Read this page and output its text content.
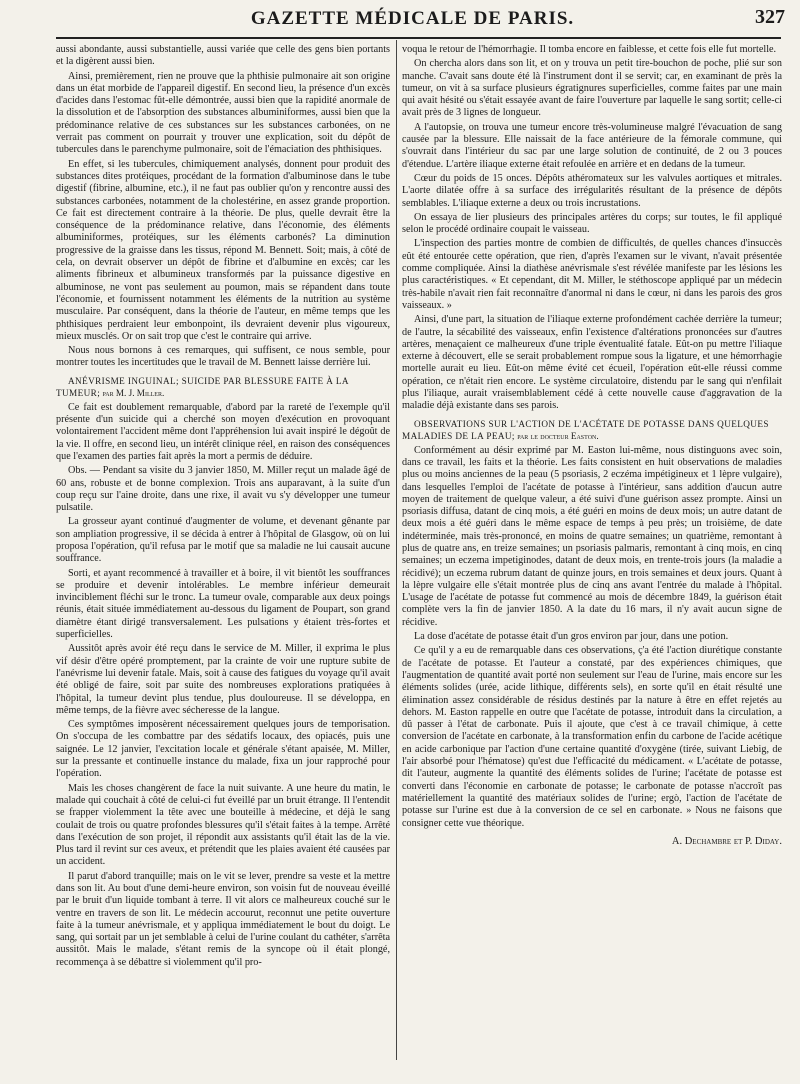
GAZETTE MÉDICALE DE PARIS.	327

aussi abondante, aussi substantielle, aussi variée que celle des gens bien portants et la digèrent aussi bien.

Ainsi, premièrement, rien ne prouve que la phthisie pulmonaire ait son origine dans un état morbide de l'appareil digestif. En second lieu, la présence d'un excès d'acides dans l'estomac fût-elle démontrée, aussi bien que la rapidité anormale de la dissolution et de l'absorption des substances albuminiformes, aussi bien que la prédominance relative de ces substances sur les substances carbonées, on ne verrait pas comment on pourrait y trouver une explication, soit du dépôt de tubercules dans le parenchyme pulmonaire, soit de l'émaciation des phthisiques.

En effet, si les tubercules, chimiquement analysés, donnent pour produit des substances dites protéiques, procédant de la formation d'albuminose dans le tube digestif (fibrine, albumine, etc.), il ne faut pas oublier qu'on y rencontre aussi des substances carbonées, notamment de la cholestérine, en assez grande proportion. Ce fait est directement contraire à la théorie. De plus, quelle devrait être la conséquence de la prédominance relative, dans l'économie, des éléments albuminiformes, protéiques, sur les éléments carbonés? La diminution progressive de la graisse dans les tissus, répond M. Bennett. Soit; mais, à côté de cela, on devrait observer un dépôt de fibrine et d'albumine en excès; car les aliments fibrineux et albumineux transformés par la puissance digestive en albuminose, ne vont pas seulement au poumon, mais se répandent dans toute l'économie, et fournissent notamment les éléments de la nutrition au système musculaire. Par conséquent, dans la théorie de l'auteur, en même temps que les phthisiques perdraient leur embonpoint, ils devraient devenir plus vigoureux, mieux musclés. Or on sait trop que c'est le contraire qui arrive.

Nous nous bornons à ces remarques, qui suffisent, ce nous semble, pour montrer toutes les incertitudes que le travail de M. Bennett laisse derrière lui.

ANÉVRISME INGUINAL; SUICIDE PAR BLESSURE FAITE À LA TUMEUR; par M. J. Miller.

Ce fait est doublement remarquable, d'abord par la rareté de l'exemple qu'il présente d'un suicide qui a cherché son moyen d'exécution en provoquant volontairement l'accident même dont l'appréhension lui avait inspiré le dégoût de la vie. Il offre, en second lieu, un intérêt clinique réel, en raison des conséquences que l'examen des parties fait après la mort a permis de déduire.

Obs. — Pendant sa visite du 3 janvier 1850, M. Miller reçut un malade âgé de 60 ans, robuste et de bonne complexion. Trois ans auparavant, à la suite d'un coup reçu sur l'aine droite, dans une rixe, il avait vu s'y développer une tumeur pulsatile.

La grosseur ayant continué d'augmenter de volume, et devenant gênante par son ampliation progressive, il se décida à entrer à l'hôpital de Glasgow, où on lui proposa l'opération, qu'il refusa par le motif que sa maladie ne lui causait aucune souffrance.

Sorti, et ayant recommencé à travailler et à boire, il vit bientôt les souffrances se produire et devenir intolérables. Le membre inférieur demeurait invinciblement fléchi sur le tronc. La tumeur ovale, comparable aux deux poings réunis, était située immédiatement au-dessous du ligament de Poupart, son grand diamètre étant dirigé transversalement. Les pulsations y étaient très-fortes et superficielles.

Aussitôt après avoir été reçu dans le service de M. Miller, il exprima le plus vif désir d'être opéré promptement, par la crainte de voir une rupture subite de l'anévrisme lui devenir fatale. Mais, soit à cause des fatigues du voyage qu'il avait été obligé de faire, soit par suite des nombreuses explorations pratiquées à l'hôpital, la tumeur devint plus tendue, plus douloureuse. Il se développa, en même temps, de la fièvre avec sécheresse de la langue.

Ces symptômes imposèrent nécessairement quelques jours de temporisation. On s'occupa de les combattre par des sédatifs locaux, des opiacés, puis une saignée. Le 12 janvier, l'excitation locale et générale s'étant apaisée, M. Miller, sur la pressante et continuelle instance du malade, fixa un jour rapproché pour l'opération.

Mais les choses changèrent de face la nuit suivante. A une heure du matin, le malade qui couchait à côté de celui-ci fut éveillé par un bruit étrange. Il l'entendit se frapper violemment la tête avec une bouteille à médecine, et déjà le sang coulait de trois ou quatre profondes blessures qu'il s'était faites à la tempe. Arrêté dans l'exécution de son projet, il répondit aux assistants qu'il était las de la vie. Plus tard il revint sur ces aveux, et prétendit que les plaies avaient été causées par un accident.

Il parut d'abord tranquille; mais on le vit se lever, prendre sa veste et la mettre dans son lit. Au bout d'une demi-heure environ, son voisin fut de nouveau éveillé par le bruit d'un liquide tombant à terre. Il vit alors ce malheureux couché sur le ventre en travers de son lit. Le médecin accourut, reconnut une petite ouverture faite à la tumeur anévrismale, et y appliqua immédiatement le bout du doigt. Le sang, qui sortait par un jet semblable à celui de l'urine coulant du cathéter, s'arrêta aussitôt. Mais le malade, s'étant remis de la syncope où il était plongé, recommença à se débattre si violemment qu'il pro-

voqua le retour de l'hémorrhagie. Il tomba encore en faiblesse, et cette fois elle fut mortelle.

On chercha alors dans son lit, et on y trouva un petit tire-bouchon de poche, plié sur son manche. C'avait sans doute été là l'instrument dont il se servit; car, en examinant de près la tumeur, on vit à sa surface plusieurs égratignures superficielles, comme faites par une main qui avait hésité ou s'était essayée avant de faire l'ouverture par laquelle le sang sortit; celle-ci avait près de 3 lignes de longueur.

A l'autopsie, on trouva une tumeur encore très-volumineuse malgré l'évacuation de sang causée par la blessure. Elle naissait de la face antérieure de la fémorale commune, qui s'ouvrait dans l'intérieur du sac par une large solution de continuité, de 2 ou 3 pouces d'étendue. L'artère iliaque externe était refoulée en arrière et en dedans de la tumeur.

Cœur du poids de 15 onces. Dépôts athéromateux sur les valvules aortiques et mitrales. L'aorte dilatée offre à sa surface des irrégularités résultant de la présence de dépôts semblables. L'iliaque externe a deux ou trois incrustations.

On essaya de lier plusieurs des principales artères du corps; sur toutes, le fil appliqué selon le procédé ordinaire coupait le vaisseau.

L'inspection des parties montre de combien de difficultés, de quelles chances d'insuccès eût été entourée cette opération, que rien, d'après l'examen sur le vivant, n'avait présentée comme compliquée. Ainsi la diathèse anévrismale s'est révélée manifeste par les lésions les plus caractéristiques. « Et cependant, dit M. Miller, le stéthoscope appliqué par un médecin très-habile n'avait rien fait reconnaître d'anormal ni dans le cœur, ni dans les parois des gros vaisseaux. »

Ainsi, d'une part, la situation de l'iliaque externe profondément cachée derrière la tumeur; de l'autre, la sécabilité des vaisseaux, enfin l'existence d'altérations prononcées sur d'autres artères, menaçaient ce malheureux d'une triple éventualité fatale. Eût-on pu mettre l'iliaque externe à découvert, elle se serait probablement rompue sous la ligature, et une hémorrhagie mortelle aurait eu lieu. Eût-on même évité cet écueil, l'opération eût-elle réussi comme opération, ce n'était rien encore. Le système circulatoire, distendu par le sang qui n'enfilait plus l'iliaque, aurait vraisemblablement cédé à cette nouvelle cause d'aggravation de la maladie déjà existante dans ses parois.

OBSERVATIONS SUR L'ACTION DE L'ACÉTATE DE POTASSE DANS QUELQUES MALADIES DE LA PEAU; par le docteur Easton.

Conformément au désir exprimé par M. Easton lui-même, nous distinguons avec soin, dans ce travail, les faits et la théorie. Les faits consistent en huit observations de maladies plus ou moins anciennes de la peau (5 psoriasis, 2 eczéma impétigineux et 1 lèpre vulgaire), dans lesquelles l'emploi de l'acétate de potasse à l'intérieur, sans addition d'aucun autre moyen de traitement de quelque valeur, a été suivi d'une guérison assez prompte. Ainsi un psoriasis diffusa, datant de cinq mois, a été guéri en moins de deux mois; un autre datant de deux mois a été guéri dans le même espace de temps à peu près; un troisième, de date indéterminée, mais très-prononcé, en moins de quatre semaines; un quatrième, remontant à plus de quatre ans, en treize semaines; un psoriasis palmaris, remontant à cinq mois, en cinq semaines; un eczema impetiginodes, datant de deux mois, en trente-trois jours (la maladie a récidivé); un eczema rubrum datant de quinze jours, en trois semaines et deux jours. Quant à la lèpre vulgaire elle s'était montrée plus de cinq ans avant l'entrée du malade à l'hôpital. L'usage de l'acétate de potasse fut commencé au mois de décembre 1849, la guérison était complète vers la fin de janvier 1850. A la date du 16 mars, il n'y avait aucun signe de récidive.

La dose d'acétate de potasse était d'un gros environ par jour, dans une potion.

Ce qu'il y a eu de remarquable dans ces observations, ç'a été l'action diurétique constante de l'acétate de potasse. Et l'auteur a constaté, par des expériences chimiques, que l'augmentation de quantité avait porté non seulement sur l'eau de l'urine, mais encore sur les éléments solides (urée, acide lithique, différents sels), en sorte qu'il en était résulté une élimination assez considérable de résidus destinés par la nature à être en effet rejetés au dehors. M. Easton rappelle en outre que l'acétate de potasse, introduit dans la circulation, a dû passer à l'état de carbonate. Puis il ajoute, que c'est à ce travail chimique, à cette conversion de l'acétate en carbonate, à la transformation enfin du carbone de l'acide acétique en acide carbonique par l'action d'une certaine quantité d'oxygène (tirée, suivant Liebig, de l'air absorbé pour l'hématose) qu'est due l'efficacité du médicament. « L'acétate de potasse, dit l'auteur, augmente la quantité des éléments solides de l'urine; l'acétate de potasse est converti dans l'économie en carbonate de potasse; le carbonate de potasse n'accroît pas matériellement la quantité des matériaux solides de l'urine; ergò, l'action de l'acétate de potasse sur l'urine est due à la conversion de ce sel en carbonate. » Nous ne faisons que consigner cette vue théorique.

A. Dechambre et P. Diday.
